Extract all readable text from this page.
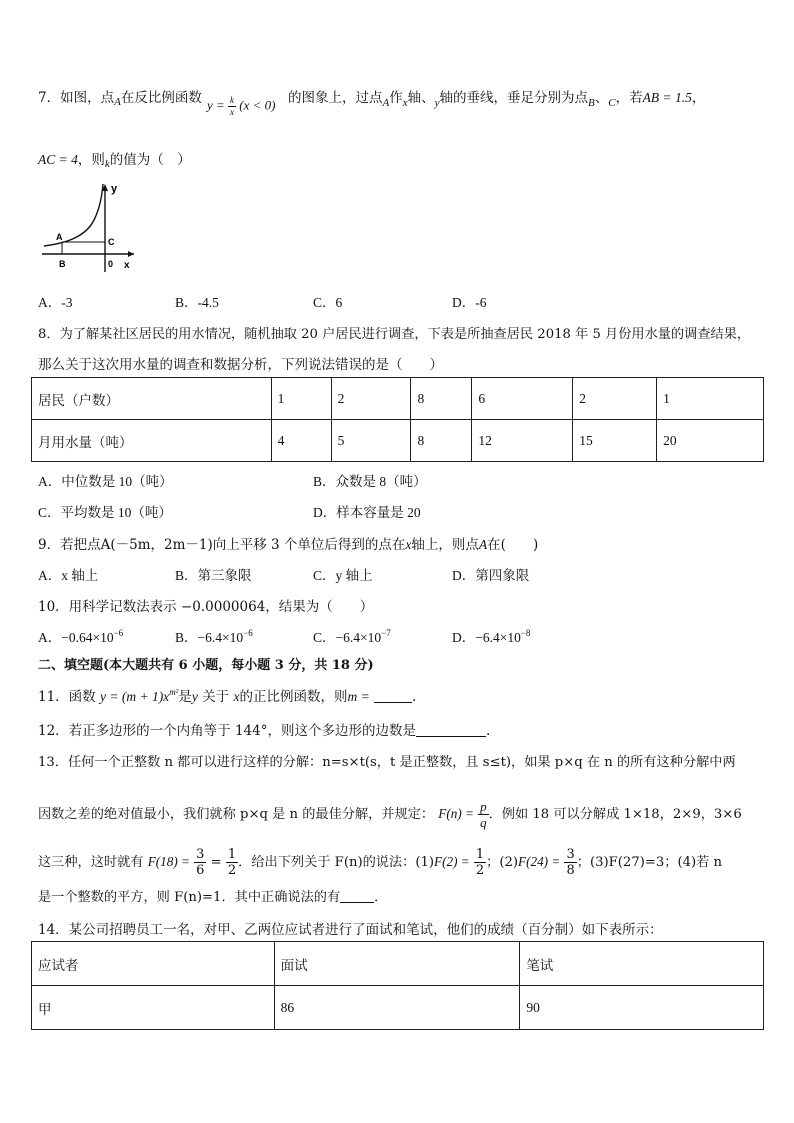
7．如图，点$_A$在反比例函数 $y = \frac{k}{x} (x < 0)$ 的图象上，过点$_A$作$_x$轴、$_y$轴的垂线，垂足分别为点$_B$、$_C$，若AB = 1.5，
AC = 4，则$_k$的值为（　）
y
A	C
B	0 x
A．-3	B．-4.5	C．6	D．-6
8．为了解某社区居民的用水情况，随机抽取 20 户居民进行调查，下表是所抽查居民 2018 年 5 月份用水量的调查结果，
那么关于这次用水量的调查和数据分析，下列说法错误的是（　　）
居民（户数）	1	2	8	6	2	1
月用水量（吨）	4	5	8	12	15	20
A．中位数是 10（吨）	B．众数是 8（吨）
C．平均数是 10（吨）	D．样本容量是 20
9．若把点A(－5m，2m－1)向上平移 3 个单位后得到的点在x轴上，则点A在(　　)
A．x 轴上	B．第三象限	C．y 轴上	D．第四象限
10．用科学记数法表示 −0.0000064，结果为（　　）
A．$-0.64\times 10^{-6}$	B．$-6.4\times 10^{-6}$	C．$-6.4\times 10^{-7}$	D．$-6.4\times 10^{-8}$
二、填空题(本大题共有 6 小题，每小题 3 分，共 18 分)
11．函数 $y = (m + 1)x^{m^2}$是y 关于 x的正比例函数，则m =	.
12．若正多边形的一个内角等于 144°，则这个多边形的边数是	.
13．任何一个正整数 n 都可以进行这样的分解：n=s×t(s，t 是正整数，且 s≤t)，如果 p×q 在 n 的所有这种分解中两
因数之差的绝对值最小，我们就称 p×q 是 n 的最佳分解，并规定： $F(n) = \frac{p}{q}$ ．例如 18 可以分解成 1×18，2×9，3×6
这三种，这时就有 $F(18) = \frac{3}{6} = \frac{1}{2}$ ．给出下列关于 F(n)的说法：$(1)F(2) = \frac{1}{2}$ ；$(2)F(24) = \frac{3}{8}$ ；(3)F(27)=3；(4)若 n
是一个整数的平方，则 F(n)=1．其中正确说法的有	．
14．某公司招聘员工一名，对甲、乙两位应试者进行了面试和笔试，他们的成绩（百分制）如下表所示：
应试者	面试	笔试
甲	86	90
